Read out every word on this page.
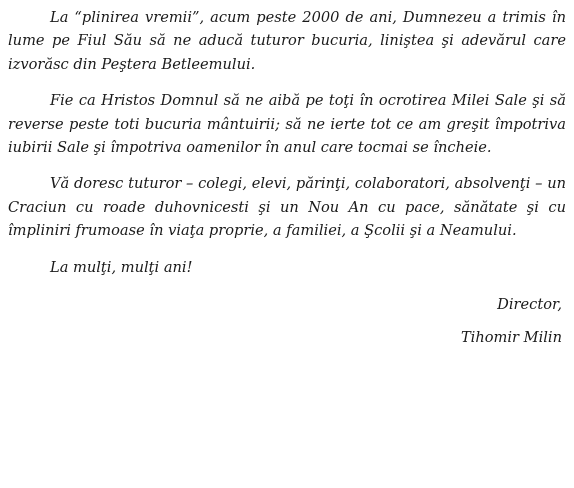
La “plinirea vremii”, acum peste 2000 de ani, Dumnezeu a trimis în lume pe Fiul Său să ne aducă tuturor bucuria, liniştea şi adevărul care izvorăsc din Peştera Betleemului.

Fie ca Hristos Domnul să ne aibă pe toţi în ocrotirea Milei Sale şi să reverse peste toti bucuria mântuirii; să ne ierte tot ce am greşit împotriva iubirii Sale şi împotriva oamenilor în anul care tocmai se încheie.

Vă doresc tuturor – colegi, elevi, părinţi, colaboratori, absolvenţi – un Craciun cu roade duhovnicesti şi un Nou An cu pace, sănătate şi cu împliniri frumoase în viaţa proprie, a familiei, a Şcolii şi a Neamului.

La mulţi, mulţi ani!

Director,

Tihomir Milin
